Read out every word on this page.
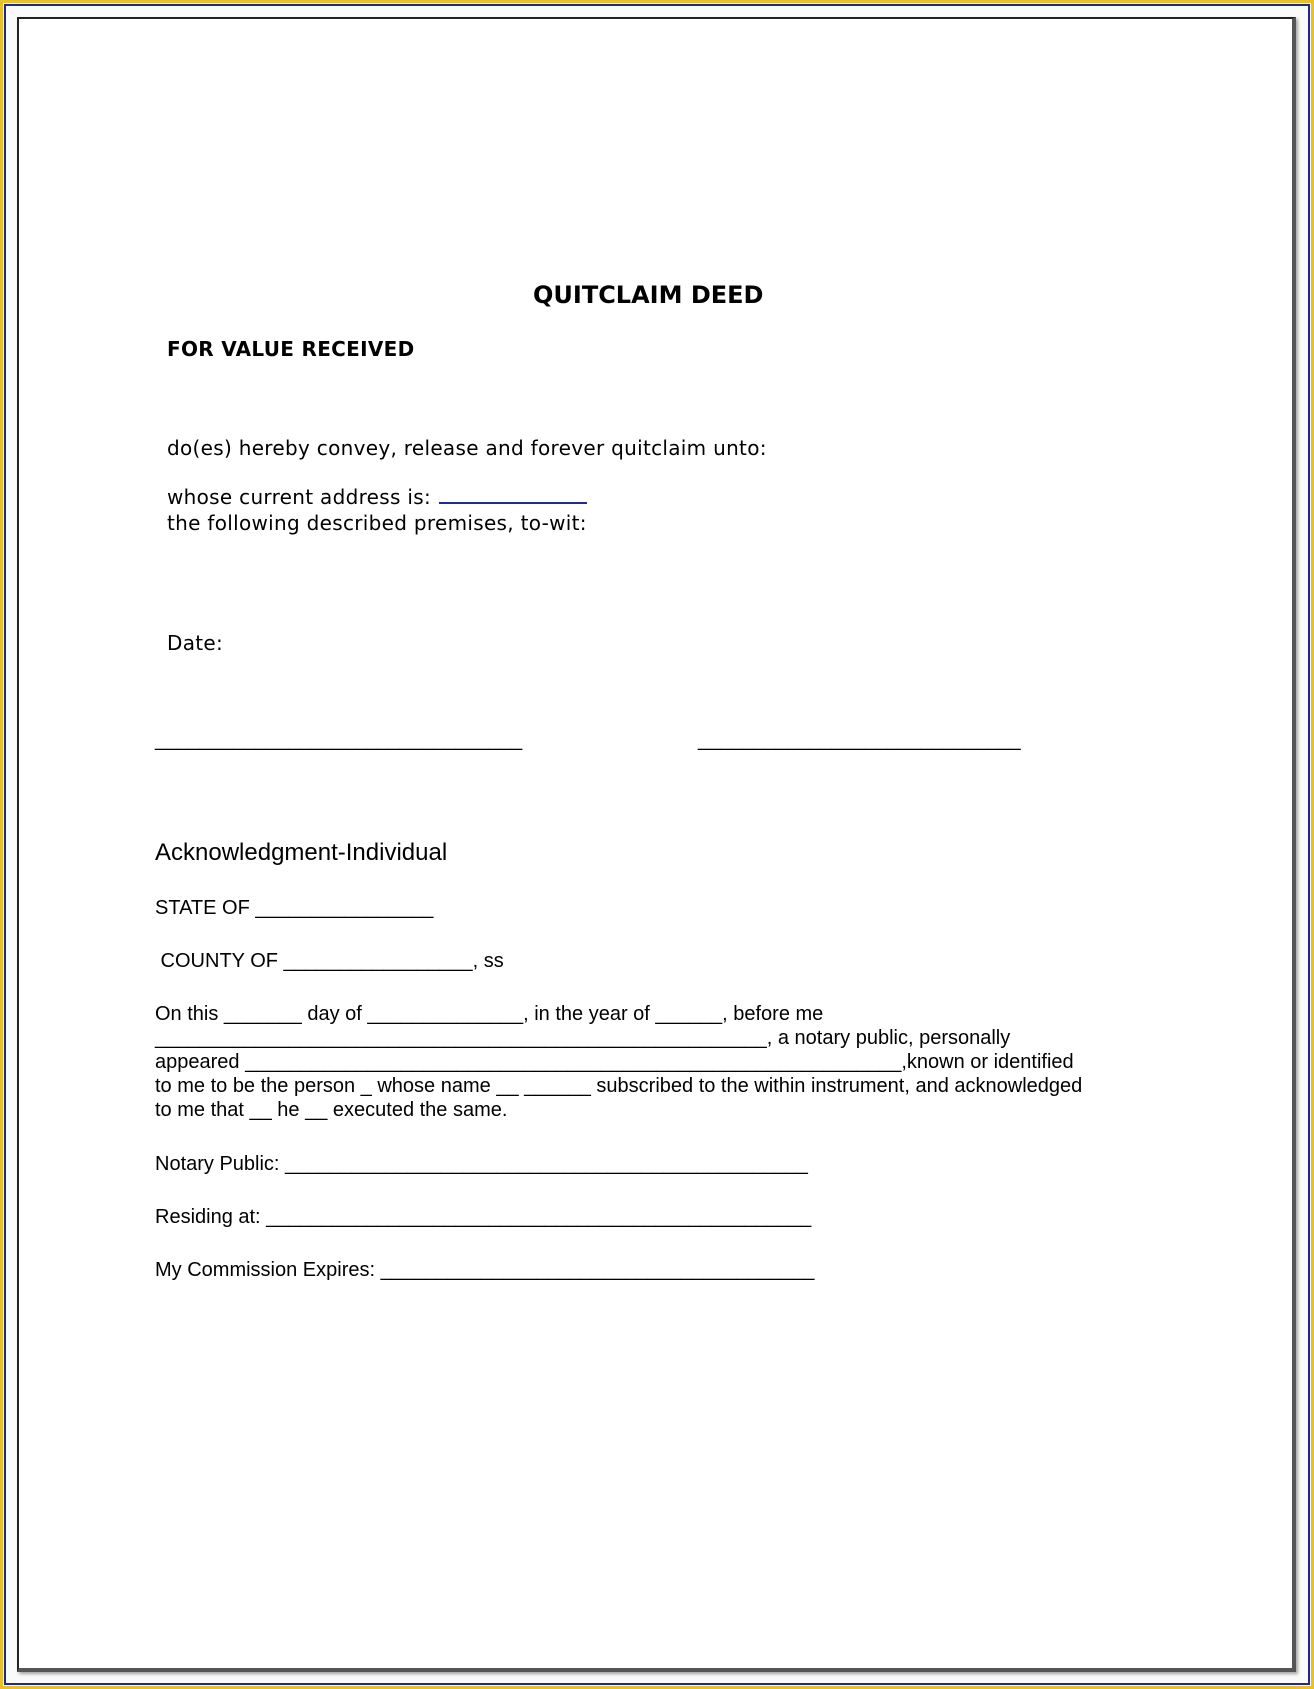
QUITCLAIM DEED
FOR VALUE RECEIVED
do(es) hereby convey, release and forever quitclaim unto:
whose current address is:
the following described premises, to-wit:
Date:
_________________________________	_____________________________
Acknowledgment-Individual
STATE OF ________________
COUNTY OF _________________, ss
On this _______ day of ______________, in the year of ______, before me
_______________________________________________________, a notary public, personally
appeared ___________________________________________________________,known or identified
to me to be the person _ whose name __ ______ subscribed to the within instrument, and acknowledged
to me that __ he __ executed the same.
Notary Public: _______________________________________________
Residing at: _________________________________________________
My Commission Expires: _______________________________________
